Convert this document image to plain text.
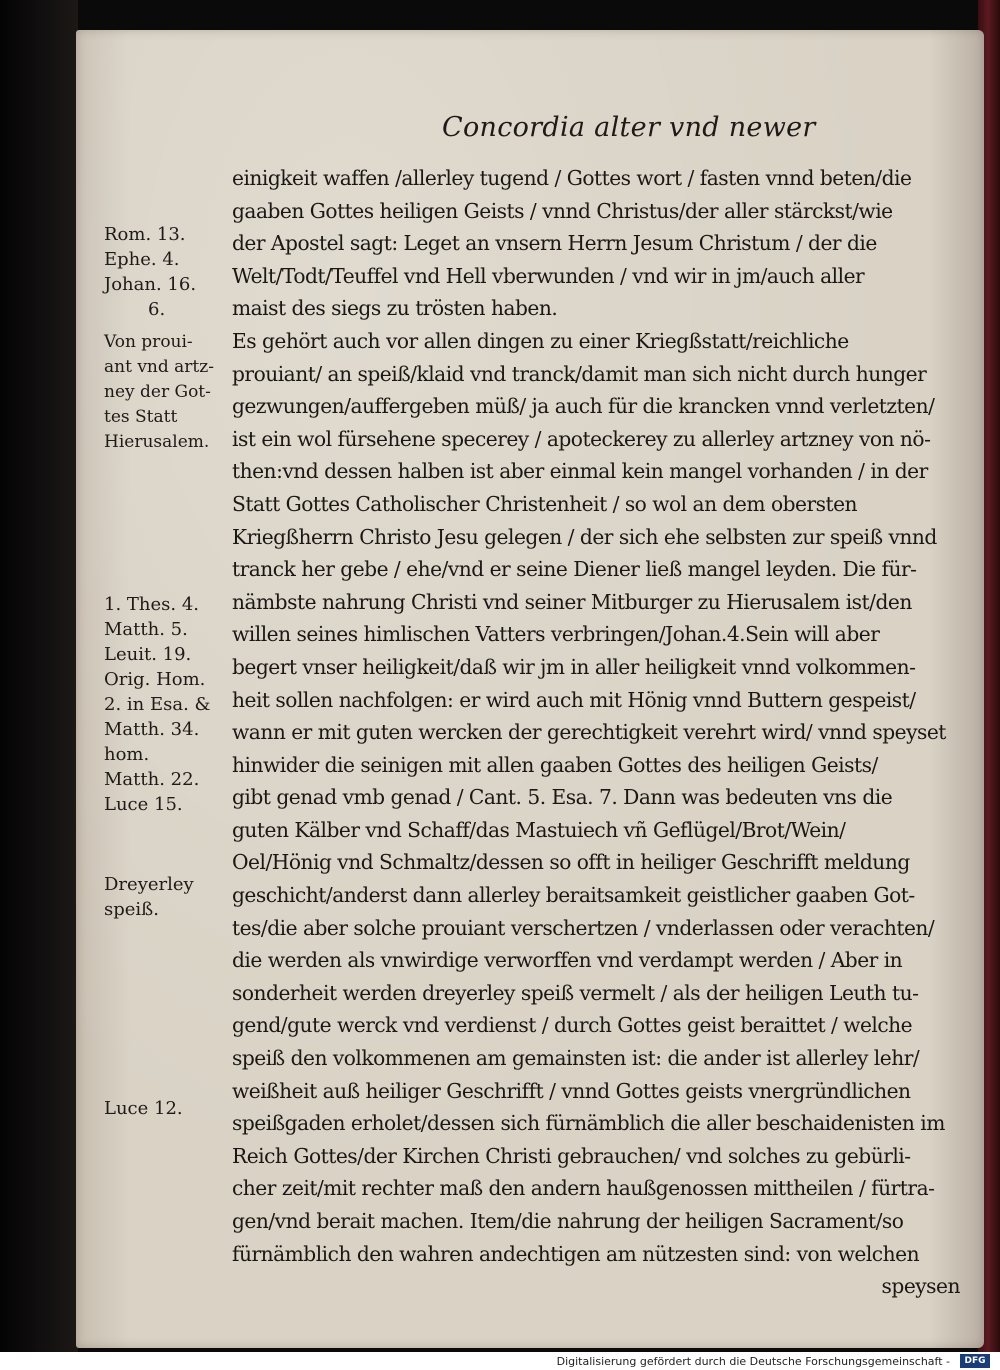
Concordia alter vnd newer
einigkeit waffen /allerley tugend / Gottes wort / fasten vnnd beten/die
gaaben Gottes heiligen Geists / vnnd Christus/der aller stärckst/wie
der Apostel sagt: Leget an vnsern Herrn Jesum Christum / der die
Welt/Todt/Teuffel vnd Hell vberwunden / vnd wir in jm/auch aller
maist des siegs zu trösten haben.
Es gehört auch vor allen dingen zu einer Kriegßstatt/reichliche
prouiant/ an speiß/klaid vnd tranck/damit man sich nicht durch hunger
gezwungen/auffergeben müß/ ja auch für die krancken vnnd verletzten/
ist ein wol fürsehene specerey / apoteckerey zu allerley artzney von nö-
then:vnd dessen halben ist aber einmal kein mangel vorhanden / in der
Statt Gottes Catholischer Christenheit / so wol an dem obersten
Kriegßherrn Christo Jesu gelegen / der sich ehe selbsten zur speiß vnnd
tranck her gebe / ehe/vnd er seine Diener ließ mangel leyden. Die für-
nämbste nahrung Christi vnd seiner Mitburger zu Hierusalem ist/den
willen seines himlischen Vatters verbringen/Johan.4.Sein will aber
begert vnser heiligkeit/daß wir jm in aller heiligkeit vnnd volkommen-
heit sollen nachfolgen: er wird auch mit Hönig vnnd Buttern gespeist/
wann er mit guten wercken der gerechtigkeit verehrt wird/ vnnd speyset
hinwider die seinigen mit allen gaaben Gottes des heiligen Geists/
gibt genad vmb genad / Cant. 5. Esa. 7. Dann was bedeuten vns die
guten Kälber vnd Schaff/das Mastuiech vñ Geflügel/Brot/Wein/
Oel/Hönig vnd Schmaltz/dessen so offt in heiliger Geschrifft meldung
geschicht/anderst dann allerley beraitsamkeit geistlicher gaaben Got-
tes/die aber solche prouiant verschertzen / vnderlassen oder verachten/
die werden als vnwirdige verworffen vnd verdampt werden / Aber in
sonderheit werden dreyerley speiß vermelt / als der heiligen Leuth tu-
gend/gute werck vnd verdienst / durch Gottes geist beraittet / welche
speiß den volkommenen am gemainsten ist: die ander ist allerley lehr/
weißheit auß heiliger Geschrifft / vnnd Gottes geists vnergründlichen
speißgaden erholet/dessen sich fürnämblich die aller beschaidenisten im
Reich Gottes/der Kirchen Christi gebrauchen/ vnd solches zu gebürli-
cher zeit/mit rechter maß den andern haußgenossen mittheilen / fürtra-
gen/vnd berait machen. Item/die nahrung der heiligen Sacrament/so
fürnämblich den wahren andechtigen am nützesten sind: von welchen
speysen
Rom. 13.
Ephe. 4.
Johan. 16.
6.
Von proui-
ant vnd artz-
ney der Got-
tes Statt
Hierusalem.
1. Thes. 4.
Matth. 5.
Leuit. 19.
Orig. Hom.
2. in Esa. &
Matth. 34.
hom.
Matth. 22.
Luce 15.
Dreyerley
speiß.
Luce 12.
Digitalisierung gefördert durch die Deutsche Forschungsgemeinschaft -	DFG
